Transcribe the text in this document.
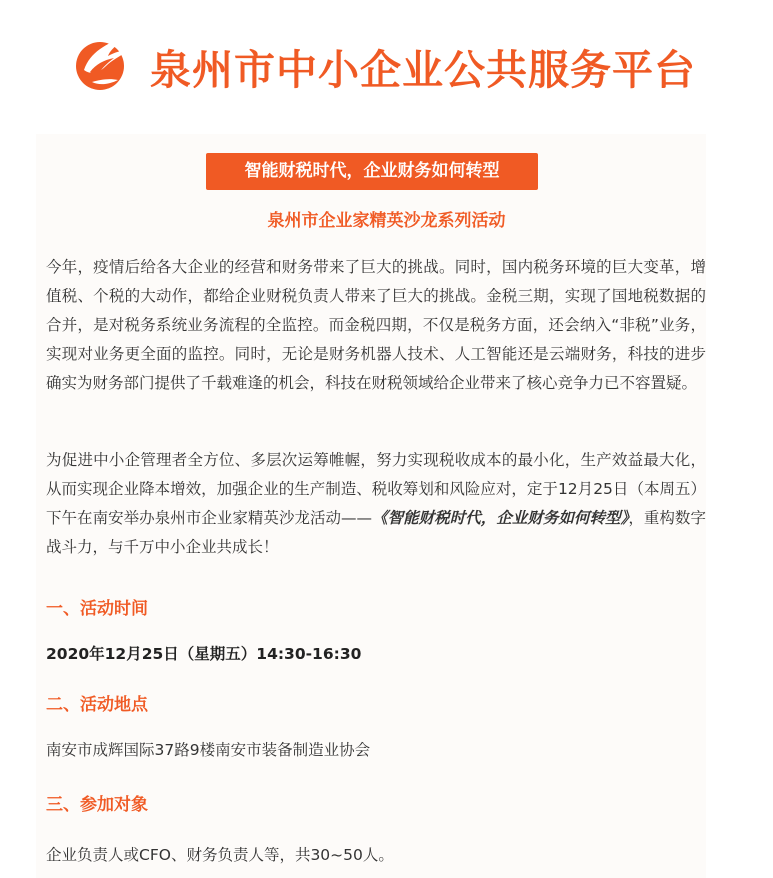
泉州市中小企业公共服务平台
智能财税时代，企业财务如何转型
泉州市企业家精英沙龙系列活动

今年，疫情后给各大企业的经营和财务带来了巨大的挑战。同时，国内税务环境的巨大变革，增值税、个税的大动作，都给企业财税负责人带来了巨大的挑战。金税三期，实现了国地税数据的合并，是对税务系统业务流程的全监控。而金税四期，不仅是税务方面，还会纳入“非税”业务，实现对业务更全面的监控。同时，无论是财务机器人技术、人工智能还是云端财务，科技的进步确实为财务部门提供了千载难逢的机会，科技在财税领域给企业带来了核心竞争力已不容置疑。

为促进中小企管理者全方位、多层次运筹帷幄，努力实现税收成本的最小化，生产效益最大化，从而实现企业降本增效，加强企业的生产制造、税收筹划和风险应对，定于12月25日（本周五）下午在南安举办泉州市企业家精英沙龙活动——《智能财税时代，企业财务如何转型》，重构数字战斗力，与千万中小企业共成长！

一、活动时间
2020年12月25日（星期五）14:30-16:30
二、活动地点
南安市成辉国际37路9楼南安市装备制造业协会
三、参加对象
企业负责人或CFO、财务负责人等，共30~50人。
